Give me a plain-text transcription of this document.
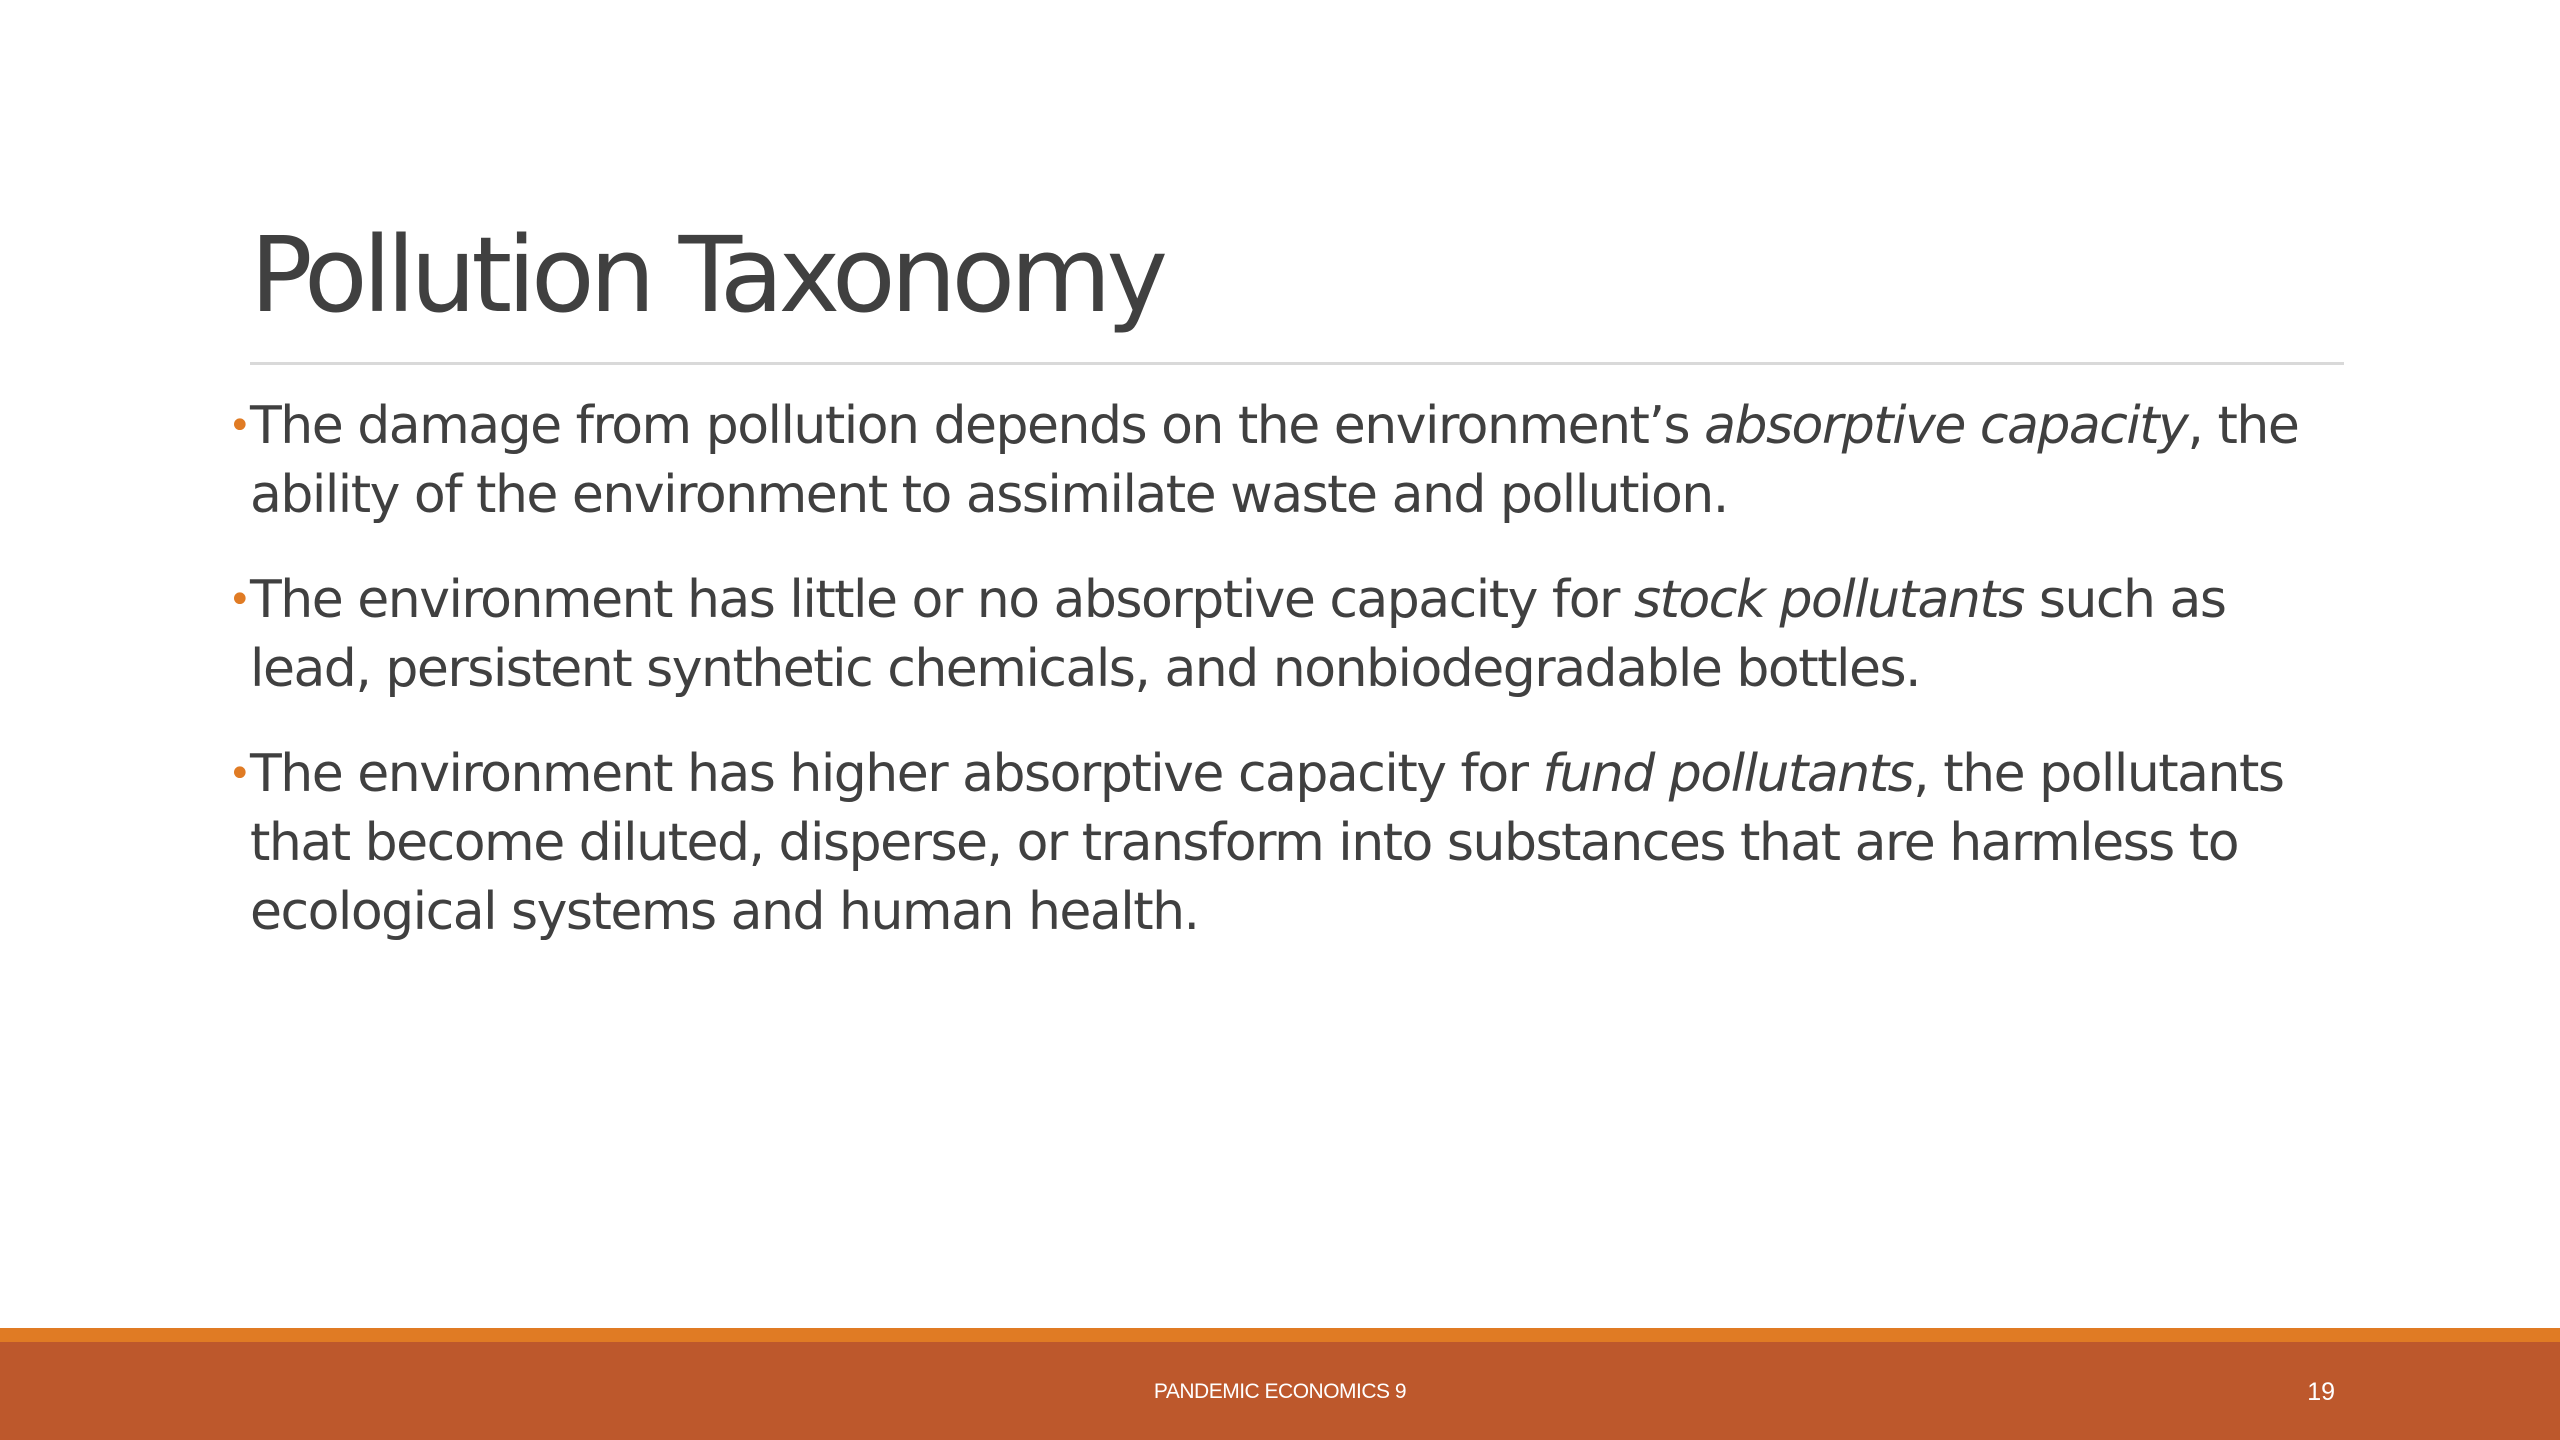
Pollution Taxonomy
• The damage from pollution depends on the environment’s absorptive capacity, the ability of the environment to assimilate waste and pollution.
• The environment has little or no absorptive capacity for stock pollutants such as lead, persistent synthetic chemicals, and nonbiodegradable bottles.
• The environment has higher absorptive capacity for fund pollutants, the pollutants that become diluted, disperse, or transform into substances that are harmless to ecological systems and human health.
PANDEMIC ECONOMICS 9	19
